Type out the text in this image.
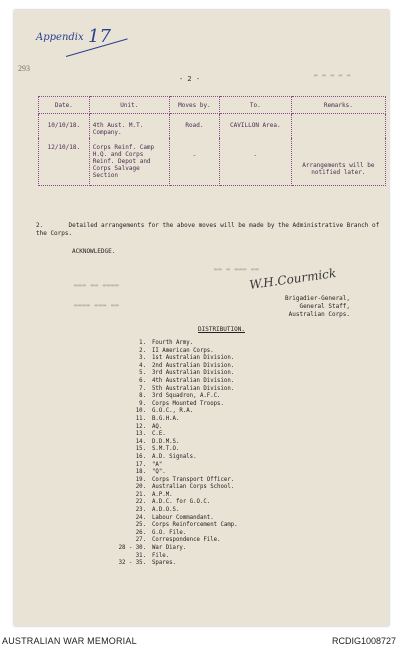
Appendix 17
293
- 2 -	▬ ▬ ▬ ▬ ▬
▬▬ ▬ ▬▬▬ ▬▬
▬▬▬ ▬▬ ▬▬▬▬
▬▬▬▬ ▬▬▬ ▬▬
Date.	Unit.	Moves by.	To.	Remarks.
10/10/18.	4th Aust. M.T. Company.	Road.	CAVILLON Area.	
12/10/18.	Corps Reinf. Camp H.Q. and Corps Reinf. Depot and Corps Salvage Section	-	-	Arrangements will be notified later.
2.	Detailed arrangements for the above moves will be made by the Administrative Branch of the Corps.
ACKNOWLEDGE.
W.H.Courmick
Brigadier-General,
General Staff,
Australian Corps.
DISTRIBUTION.
1.	Fourth Army.
2.	II American Corps.
3.	1st Australian Division.
4.	2nd Australian Division.
5.	3rd Australian Division.
6.	4th Australian Division.
7.	5th Australian Division.
8.	3rd Squadron, A.F.C.
9.	Corps Mounted Troops.
10.	G.O.C., R.A.
11.	B.G.H.A.
12.	AQ.
13.	C.E.
14.	D.D.M.S.
15.	S.M.T.O.
16.	A.D. Signals.
17.	"A"
18.	"Q".
19.	Corps Transport Officer.
20.	Australian Corps School.
21.	A.P.M.
22.	A.D.C. for G.O.C.
23.	A.D.O.S.
24.	Labour Commandant.
25.	Corps Reinforcement Camp.
26.	G.O. File.
27.	Correspondence File.
28 - 30.	War Diary.
31.	File.
32 - 35.	Spares.
AUSTRALIAN WAR MEMORIAL	RCDIG1008727
